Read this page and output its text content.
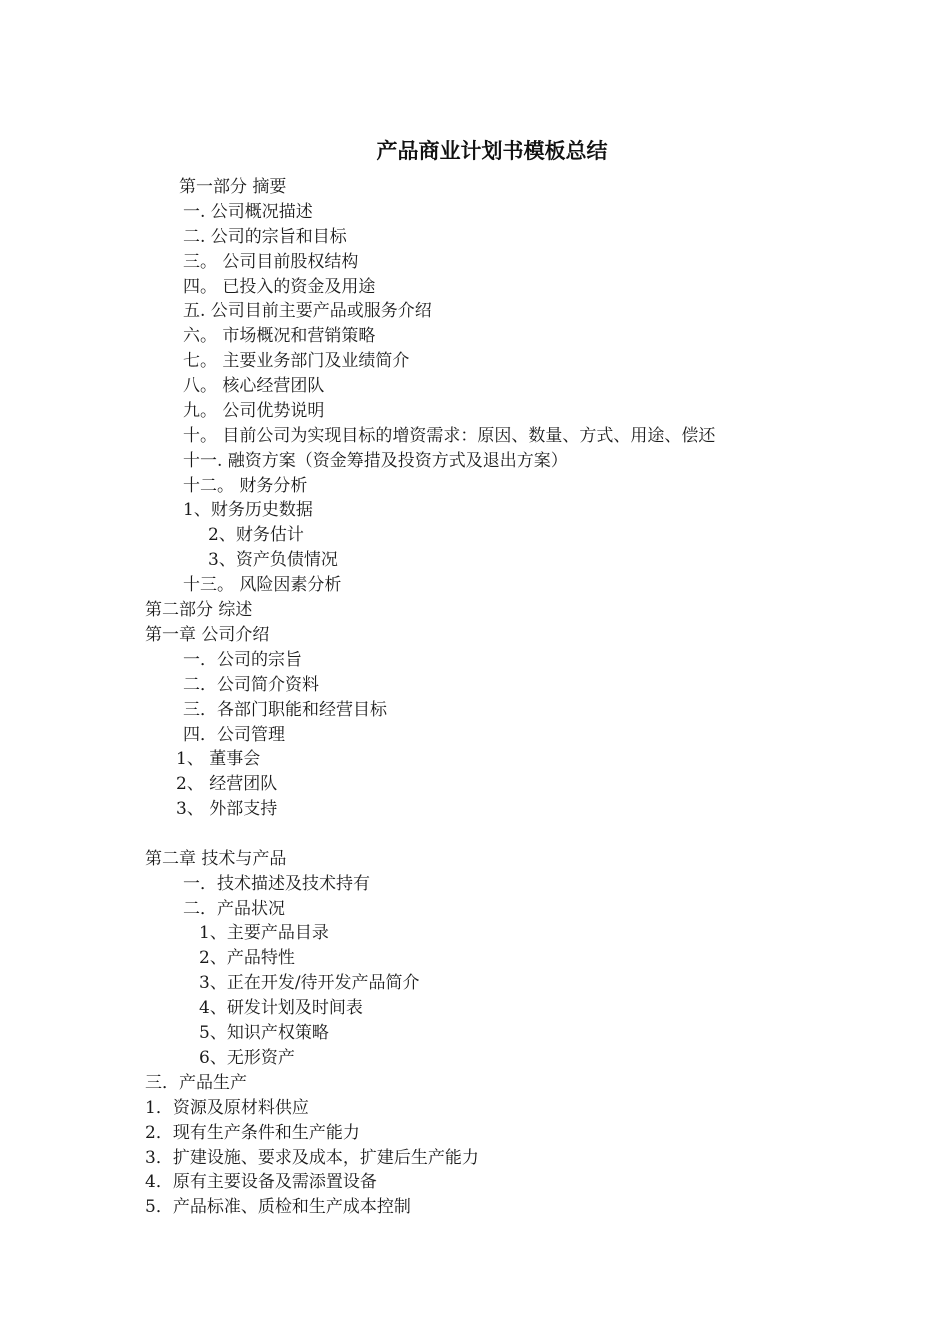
产品商业计划书模板总结
第一部分 摘要
一. 公司概况描述
二. 公司的宗旨和目标
三。 公司目前股权结构
四。 已投入的资金及用途
五. 公司目前主要产品或服务介绍
六。 市场概况和营销策略
七。 主要业务部门及业绩简介
八。 核心经营团队
九。 公司优势说明
十。 目前公司为实现目标的增资需求：原因、数量、方式、用途、偿还
十一. 融资方案（资金筹措及投资方式及退出方案）
十二。 财务分析
1、财务历史数据
2、财务估计
3、资产负债情况
十三。 风险因素分析
第二部分 综述
第一章 公司介绍
一．公司的宗旨
二．公司简介资料
三．各部门职能和经营目标
四．公司管理
1、 董事会
2、 经营团队
3、 外部支持
第二章 技术与产品
一．技术描述及技术持有
二．产品状况
1、主要产品目录
2、产品特性
3、正在开发/待开发产品简介
4、研发计划及时间表
5、知识产权策略
6、无形资产
三．产品生产
1．资源及原材料供应
2．现有生产条件和生产能力
3．扩建设施、要求及成本，扩建后生产能力
4．原有主要设备及需添置设备
5．产品标准、质检和生产成本控制
